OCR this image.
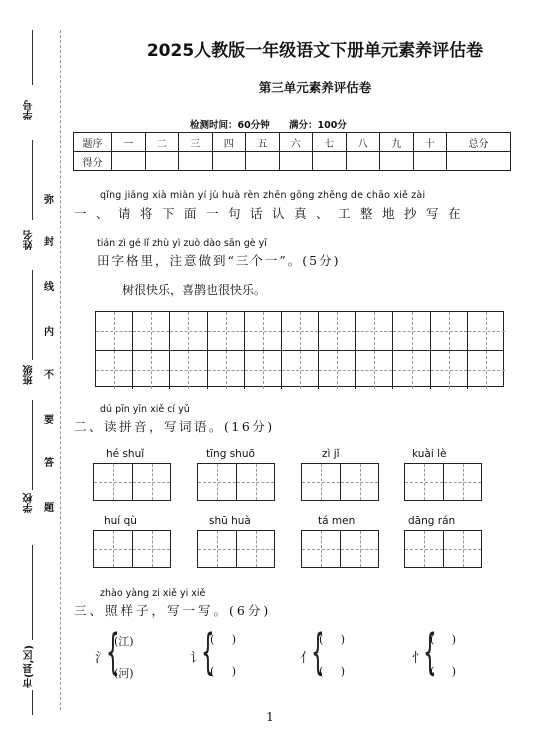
学号
姓名
班级
学校
市(县,区)
弥
封
线
内
不
要
答
题
2025人教版一年级语文下册单元素养评估卷
第三单元素养评估卷
检测时间：60分钟 满分：100分
题序	一	二	三	四	五	六	七	八	九	十	总分
得分											
qǐng jiāng xià miàn yí jù huà rèn zhēn gōng zhěng de chāo xiě zài
一、请将下面一句话认真、工整地抄写在
tián zì gé lǐ zhù yì zuò dào sān gè yī
田字格里，注意做到“三个一”。(5分)
树很快乐，喜鹊也很快乐。
dú pīn yīn xiě cí yǔ
二、读拼音，写词语。(16分)
hé shuǐ	tīng shuō	zì jǐ	kuài lè
huí qù	shū huà	tá men	dāng rán
zhào yàng zi xiě yi xiě
三、照样子，写一写。(6分)
氵
{
(江)
(河)
讠
{
(     )
(     )
亻
{
(     )
(     )
忄
{
(     )
(     )
1
